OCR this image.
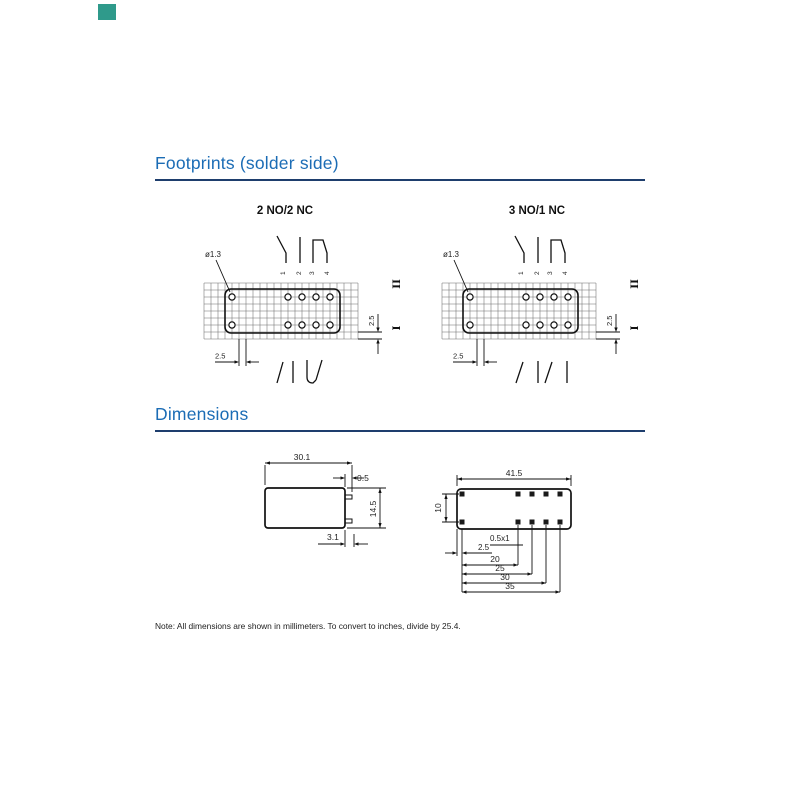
Footprints (solder side)
2 NO/2 NC
ø1.3
1 2 3 4
II
I
2.5
2.5
3 NO/1 NC
ø1.3
1 2 3 4
II
I
2.5
2.5
Dimensions
30.1
0.5
14.5
3.1
41.5
10
0.5x1
2.5
20
25
30
35
Note: All dimensions are shown in millimeters. To convert to inches, divide by 25.4.
